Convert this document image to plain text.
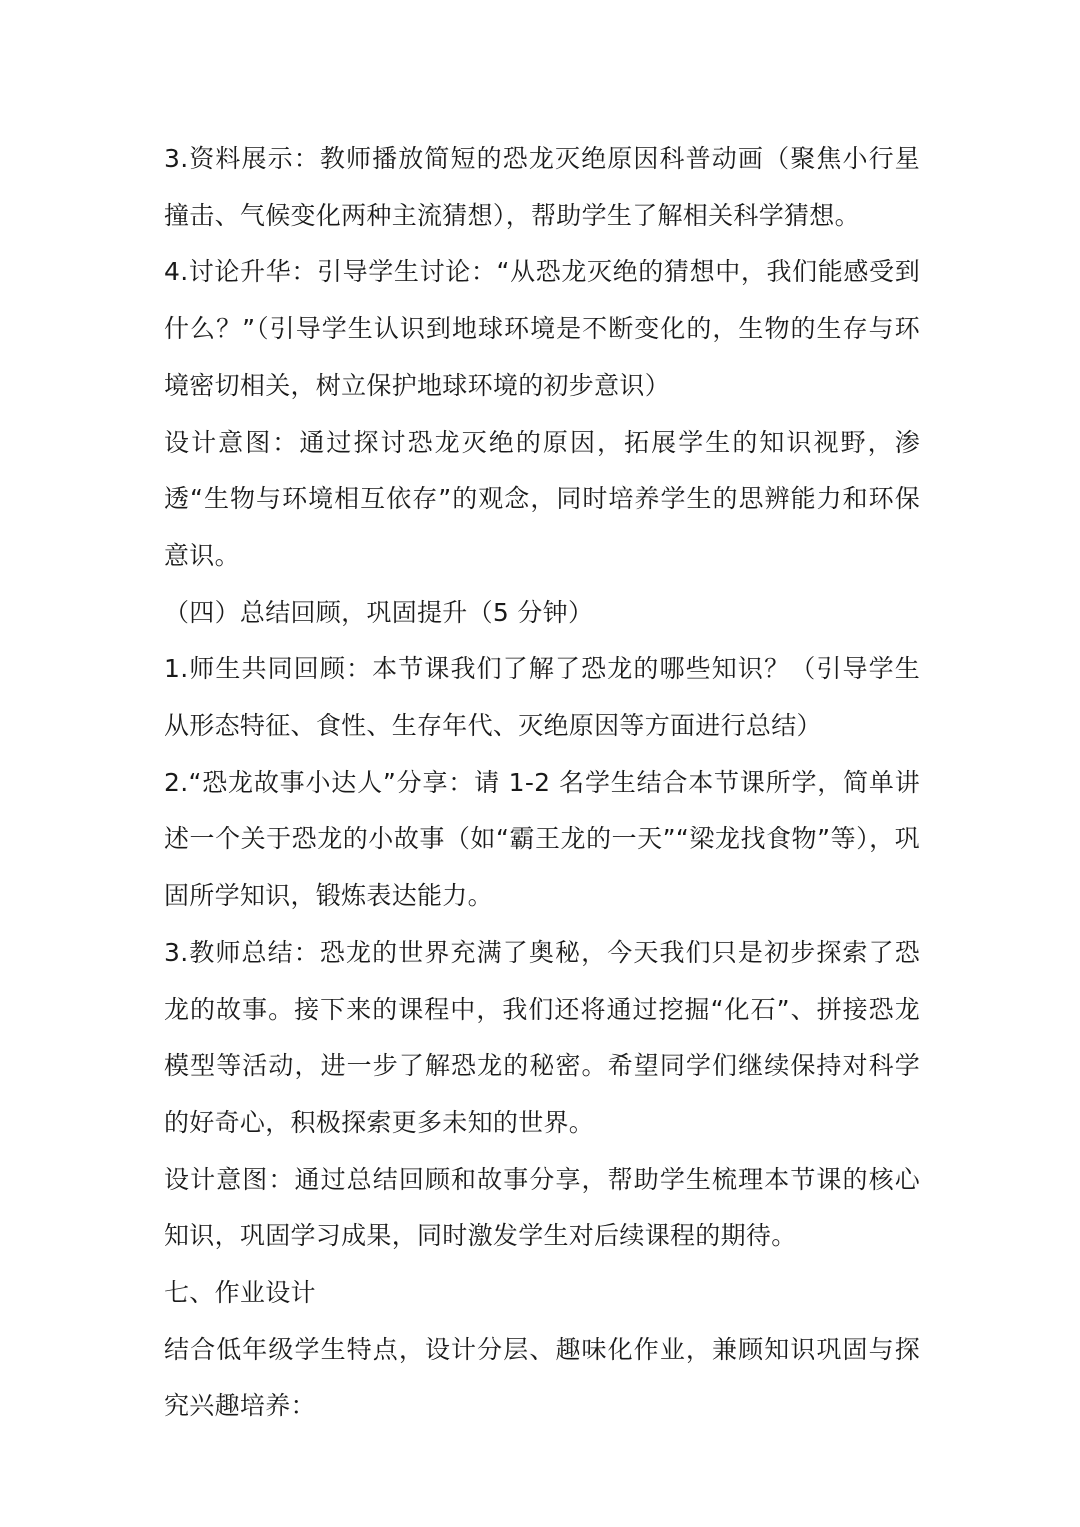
3.资料展示：教师播放简短的恐龙灭绝原因科普动画（聚焦小行星撞击、气候变化两种主流猜想），帮助学生了解相关科学猜想。

4.讨论升华：引导学生讨论：“从恐龙灭绝的猜想中，我们能感受到什么？”（引导学生认识到地球环境是不断变化的，生物的生存与环境密切相关，树立保护地球环境的初步意识）

设计意图：通过探讨恐龙灭绝的原因，拓展学生的知识视野，渗透“生物与环境相互依存”的观念，同时培养学生的思辨能力和环保意识。

（四）总结回顾，巩固提升（5 分钟）

1.师生共同回顾：本节课我们了解了恐龙的哪些知识？（引导学生从形态特征、食性、生存年代、灭绝原因等方面进行总结）

2.“恐龙故事小达人”分享：请 1-2 名学生结合本节课所学，简单讲述一个关于恐龙的小故事（如“霸王龙的一天”“梁龙找食物”等），巩固所学知识，锻炼表达能力。

3.教师总结：恐龙的世界充满了奥秘，今天我们只是初步探索了恐龙的故事。接下来的课程中，我们还将通过挖掘“化石”、拼接恐龙模型等活动，进一步了解恐龙的秘密。希望同学们继续保持对科学的好奇心，积极探索更多未知的世界。

设计意图：通过总结回顾和故事分享，帮助学生梳理本节课的核心知识，巩固学习成果，同时激发学生对后续课程的期待。

七、作业设计

结合低年级学生特点，设计分层、趣味化作业，兼顾知识巩固与探究兴趣培养：
